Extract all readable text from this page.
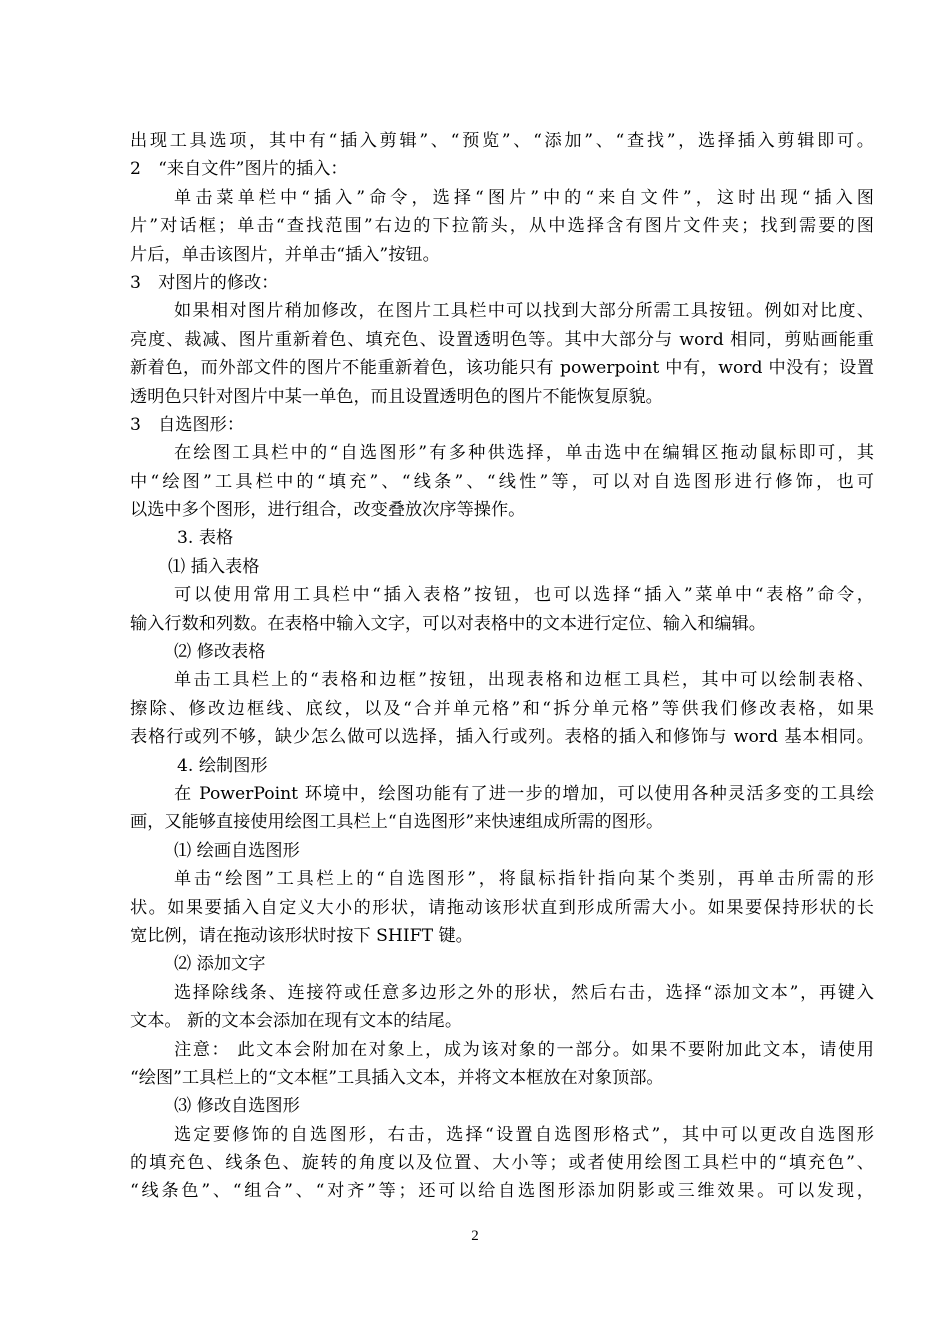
出现工具选项，其中有“插入剪辑”、“预览”、“添加”、“查找”，选择插入剪辑即可。
2　“来自文件”图片的插入：
单击菜单栏中“插入”命令，选择“图片”中的“来自文件”，这时出现“插入图
片”对话框；单击“查找范围”右边的下拉箭头，从中选择含有图片文件夹；找到需要的图
片后，单击该图片，并单击“插入”按钮。
3　对图片的修改：
如果相对图片稍加修改，在图片工具栏中可以找到大部分所需工具按钮。例如对比度、
亮度、裁减、图片重新着色、填充色、设置透明色等。其中大部分与 word 相同，剪贴画能重
新着色，而外部文件的图片不能重新着色，该功能只有 powerpoint 中有，word 中没有；设置
透明色只针对图片中某一单色，而且设置透明色的图片不能恢复原貌。
3　自选图形：
在绘图工具栏中的“自选图形”有多种供选择，单击选中在编辑区拖动鼠标即可，其
中“绘图”工具栏中的“填充”、“线条”、“线性”等，可以对自选图形进行修饰，也可
以选中多个图形，进行组合，改变叠放次序等操作。
3. 表格
⑴ 插入表格
可以使用常用工具栏中“插入表格”按钮，也可以选择“插入”菜单中“表格”命令，
输入行数和列数。在表格中输入文字，可以对表格中的文本进行定位、输入和编辑。
⑵ 修改表格
单击工具栏上的“表格和边框”按钮，出现表格和边框工具栏，其中可以绘制表格、
擦除、修改边框线、底纹，以及“合并单元格”和“拆分单元格”等供我们修改表格，如果
表格行或列不够，缺少怎么做可以选择，插入行或列。表格的插入和修饰与 word 基本相同。
4. 绘制图形
在 PowerPoint 环境中，绘图功能有了进一步的增加，可以使用各种灵活多变的工具绘
画，又能够直接使用绘图工具栏上“自选图形”来快速组成所需的图形。
⑴ 绘画自选图形
单击“绘图”工具栏上的“自选图形”，将鼠标指针指向某个类别，再单击所需的形
状。如果要插入自定义大小的形状，请拖动该形状直到形成所需大小。如果要保持形状的长
宽比例，请在拖动该形状时按下 SHIFT 键。
⑵ 添加文字
选择除线条、连接符或任意多边形之外的形状，然后右击，选择“添加文本”，再键入
文本。 新的文本会添加在现有文本的结尾。
注意： 此文本会附加在对象上，成为该对象的一部分。如果不要附加此文本，请使用
“绘图”工具栏上的“文本框”工具插入文本，并将文本框放在对象顶部。
⑶ 修改自选图形
选定要修饰的自选图形，右击，选择“设置自选图形格式”，其中可以更改自选图形
的填充色、线条色、旋转的角度以及位置、大小等；或者使用绘图工具栏中的“填充色”、
“线条色”、“组合”、“对齐”等；还可以给自选图形添加阴影或三维效果。可以发现，
2
